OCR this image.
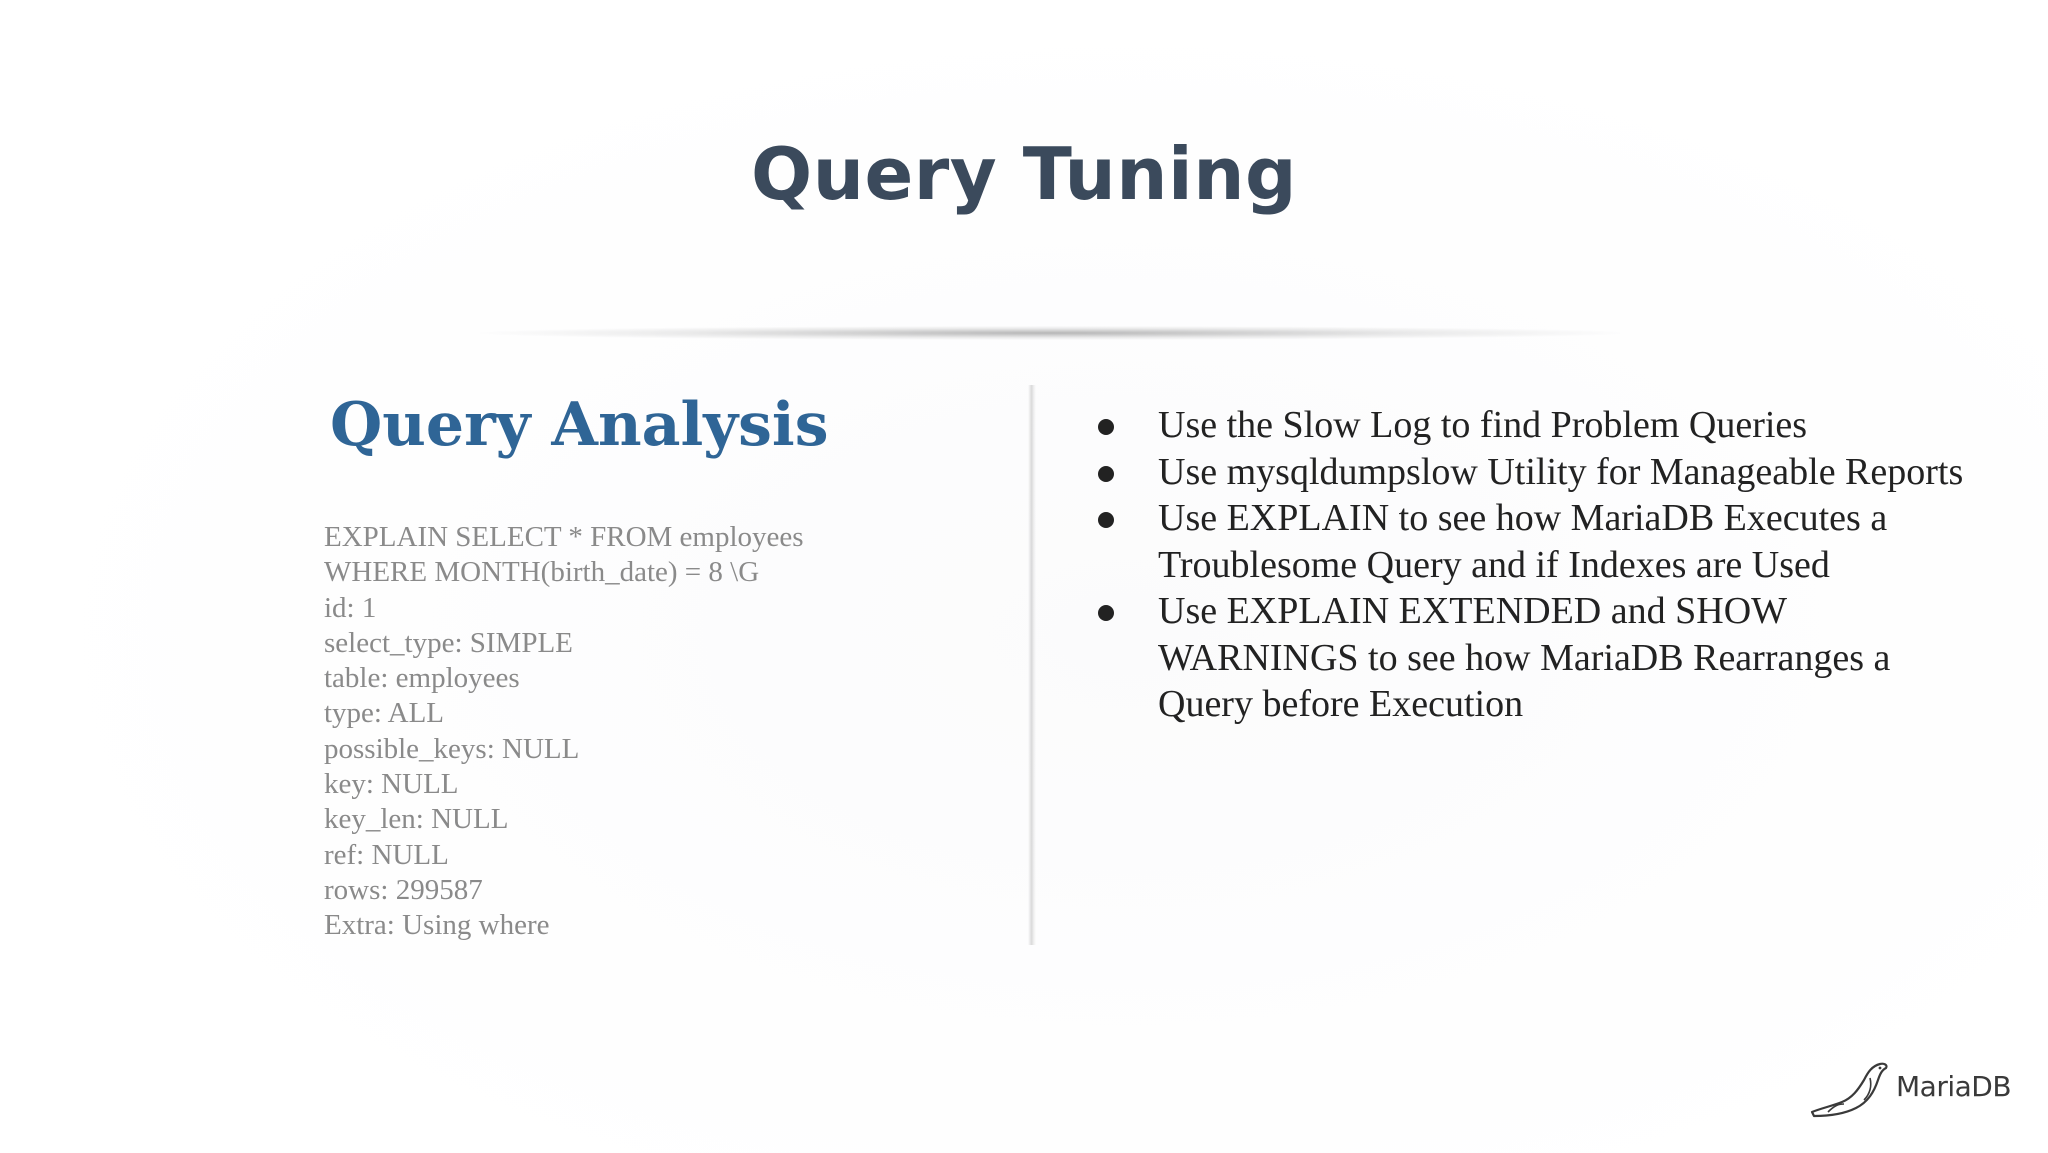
Query Tuning
Query Analysis
EXPLAIN SELECT * FROM employees
WHERE MONTH(birth_date) = 8 \G
id: 1
select_type: SIMPLE
table: employees
type: ALL
possible_keys: NULL
key: NULL
key_len: NULL
ref: NULL
rows: 299587
Extra: Using where
Use the Slow Log to find Problem Queries
Use mysqldumpslow Utility for Manageable Reports
Use EXPLAIN to see how MariaDB Executes a Troublesome Query and if Indexes are Used
Use EXPLAIN EXTENDED and SHOW WARNINGS to see how MariaDB Rearranges a Query before Execution
MariaDB
